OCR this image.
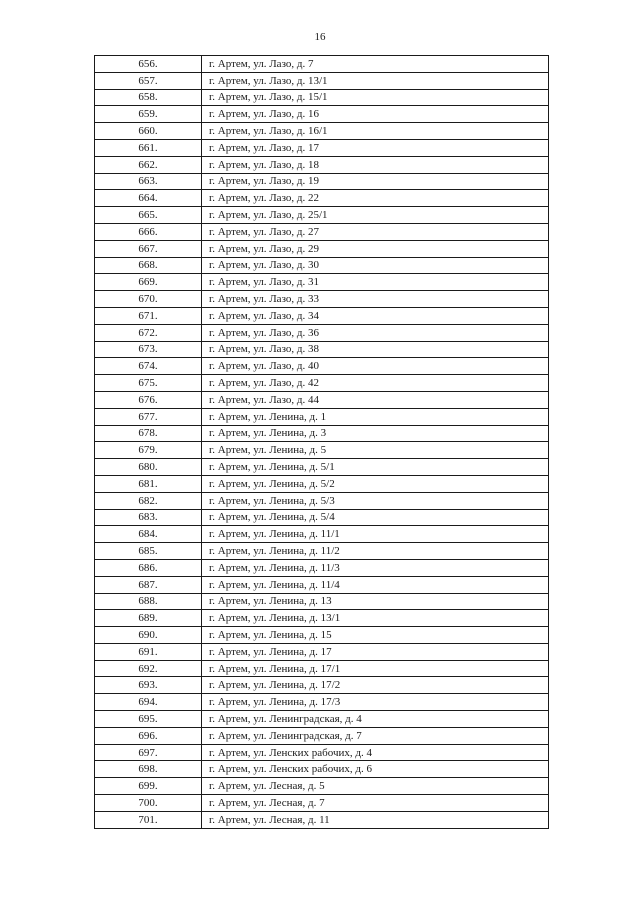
16
656.	г. Артем, ул. Лазо, д. 7
657.	г. Артем, ул. Лазо, д. 13/1
658.	г. Артем, ул. Лазо, д. 15/1
659.	г. Артем, ул. Лазо, д. 16
660.	г. Артем, ул. Лазо, д. 16/1
661.	г. Артем, ул. Лазо, д. 17
662.	г. Артем, ул. Лазо, д. 18
663.	г. Артем, ул. Лазо, д. 19
664.	г. Артем, ул. Лазо, д. 22
665.	г. Артем, ул. Лазо, д. 25/1
666.	г. Артем, ул. Лазо, д. 27
667.	г. Артем, ул. Лазо, д. 29
668.	г. Артем, ул. Лазо, д. 30
669.	г. Артем, ул. Лазо, д. 31
670.	г. Артем, ул. Лазо, д. 33
671.	г. Артем, ул. Лазо, д. 34
672.	г. Артем, ул. Лазо, д. 36
673.	г. Артем, ул. Лазо, д. 38
674.	г. Артем, ул. Лазо, д. 40
675.	г. Артем, ул. Лазо, д. 42
676.	г. Артем, ул. Лазо, д. 44
677.	г. Артем, ул. Ленина, д. 1
678.	г. Артем, ул. Ленина, д. 3
679.	г. Артем, ул. Ленина, д. 5
680.	г. Артем, ул. Ленина, д. 5/1
681.	г. Артем, ул. Ленина, д. 5/2
682.	г. Артем, ул. Ленина, д. 5/3
683.	г. Артем, ул. Ленина, д. 5/4
684.	г. Артем, ул. Ленина, д. 11/1
685.	г. Артем, ул. Ленина, д. 11/2
686.	г. Артем, ул. Ленина, д. 11/3
687.	г. Артем, ул. Ленина, д. 11/4
688.	г. Артем, ул. Ленина, д. 13
689.	г. Артем, ул. Ленина, д. 13/1
690.	г. Артем, ул. Ленина, д. 15
691.	г. Артем, ул. Ленина, д. 17
692.	г. Артем, ул. Ленина, д. 17/1
693.	г. Артем, ул. Ленина, д. 17/2
694.	г. Артем, ул. Ленина, д. 17/3
695.	г. Артем, ул. Ленинградская, д. 4
696.	г. Артем, ул. Ленинградская, д. 7
697.	г. Артем, ул. Ленских рабочих, д. 4
698.	г. Артем, ул. Ленских рабочих, д. 6
699.	г. Артем, ул. Лесная, д. 5
700.	г. Артем, ул. Лесная, д. 7
701.	г. Артем, ул. Лесная, д. 11
